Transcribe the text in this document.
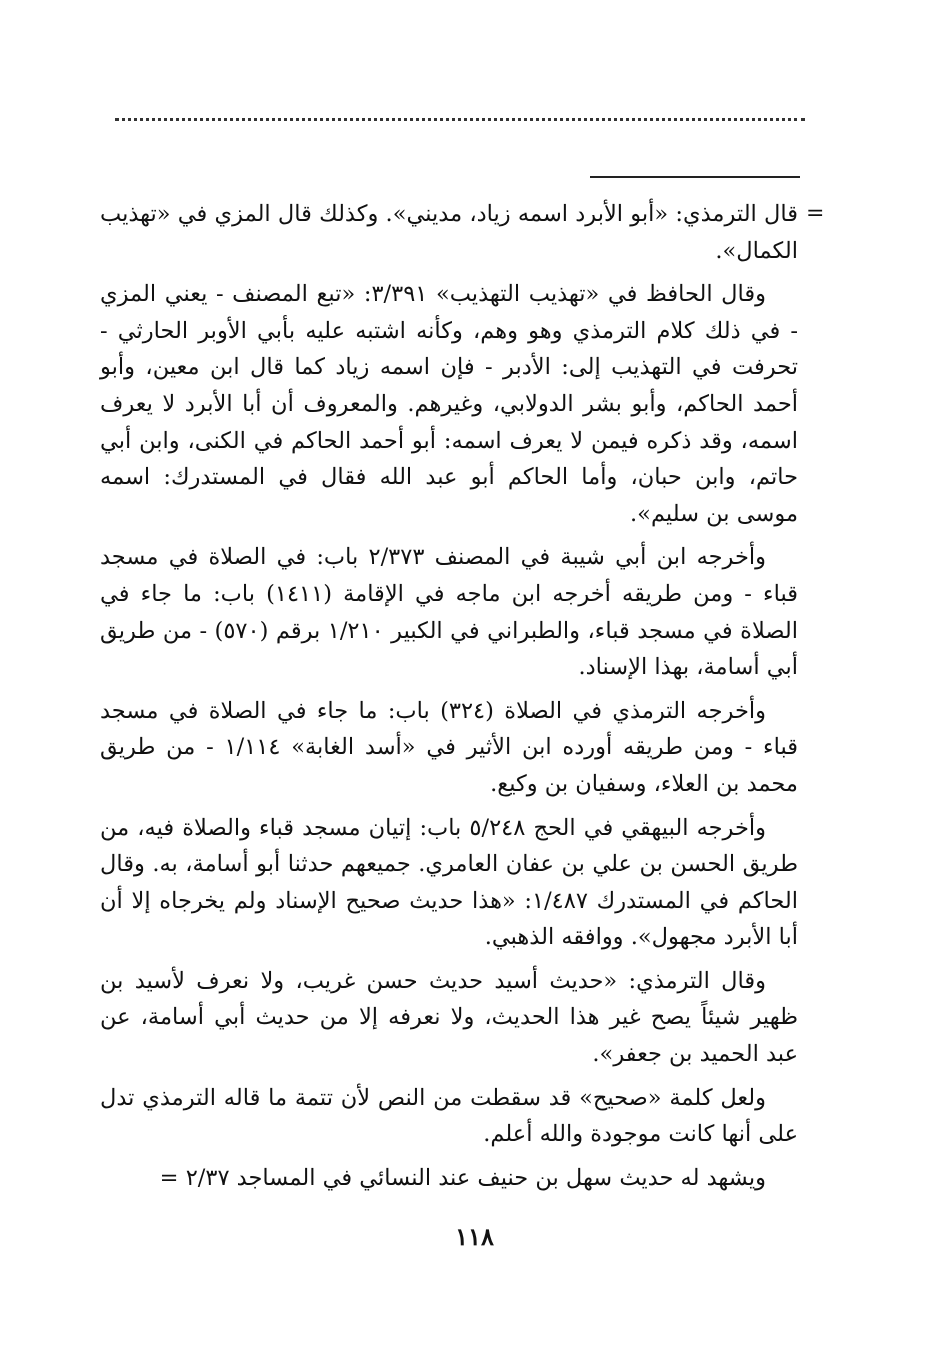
=

قال الترمذي: «أبو الأبرد اسمه زياد، مديني». وكذلك قال المزي في «تهذيب الكمال».

وقال الحافظ في «تهذيب التهذيب» ٣/٣٩١: «تبع المصنف - يعني المزي - في ذلك كلام الترمذي وهو وهم، وكأنه اشتبه عليه بأبي الأوبر الحارثي - تحرفت في التهذيب إلى: الأدبر - فإن اسمه زياد كما قال ابن معين، وأبو أحمد الحاكم، وأبو بشر الدولابي، وغيرهم. والمعروف أن أبا الأبرد لا يعرف اسمه، وقد ذكره فيمن لا يعرف اسمه: أبو أحمد الحاكم في الكنى، وابن أبي حاتم، وابن حبان، وأما الحاكم أبو عبد الله فقال في المستدرك: اسمه موسى بن سليم».

وأخرجه ابن أبي شيبة في المصنف ٢/٣٧٣ باب: في الصلاة في مسجد قباء - ومن طريقه أخرجه ابن ماجه في الإقامة (١٤١١) باب: ما جاء في الصلاة في مسجد قباء، والطبراني في الكبير ١/٢١٠ برقم (٥٧٠) - من طريق أبي أسامة، بهذا الإسناد.

وأخرجه الترمذي في الصلاة (٣٢٤) باب: ما جاء في الصلاة في مسجد قباء - ومن طريقه أورده ابن الأثير في «أسد الغابة» ١/١١٤ - من طريق محمد بن العلاء، وسفيان بن وكيع.

وأخرجه البيهقي في الحج ٥/٢٤٨ باب: إتيان مسجد قباء والصلاة فيه، من طريق الحسن بن علي بن عفان العامري. جميعهم حدثنا أبو أسامة، به. وقال الحاكم في المستدرك ١/٤٨٧: «هذا حديث صحيح الإسناد ولم يخرجاه إلا أن أبا الأبرد مجهول». ووافقه الذهبي.

وقال الترمذي: «حديث أسيد حديث حسن غريب، ولا نعرف لأسيد بن ظهير شيئاً يصح غير هذا الحديث، ولا نعرفه إلا من حديث أبي أسامة، عن عبد الحميد بن جعفر».

ولعل كلمة «صحيح» قد سقطت من النص لأن تتمة ما قاله الترمذي تدل على أنها كانت موجودة والله أعلم.

ويشهد له حديث سهل بن حنيف عند النسائي في المساجد ٢/٣٧ =

١١٨
